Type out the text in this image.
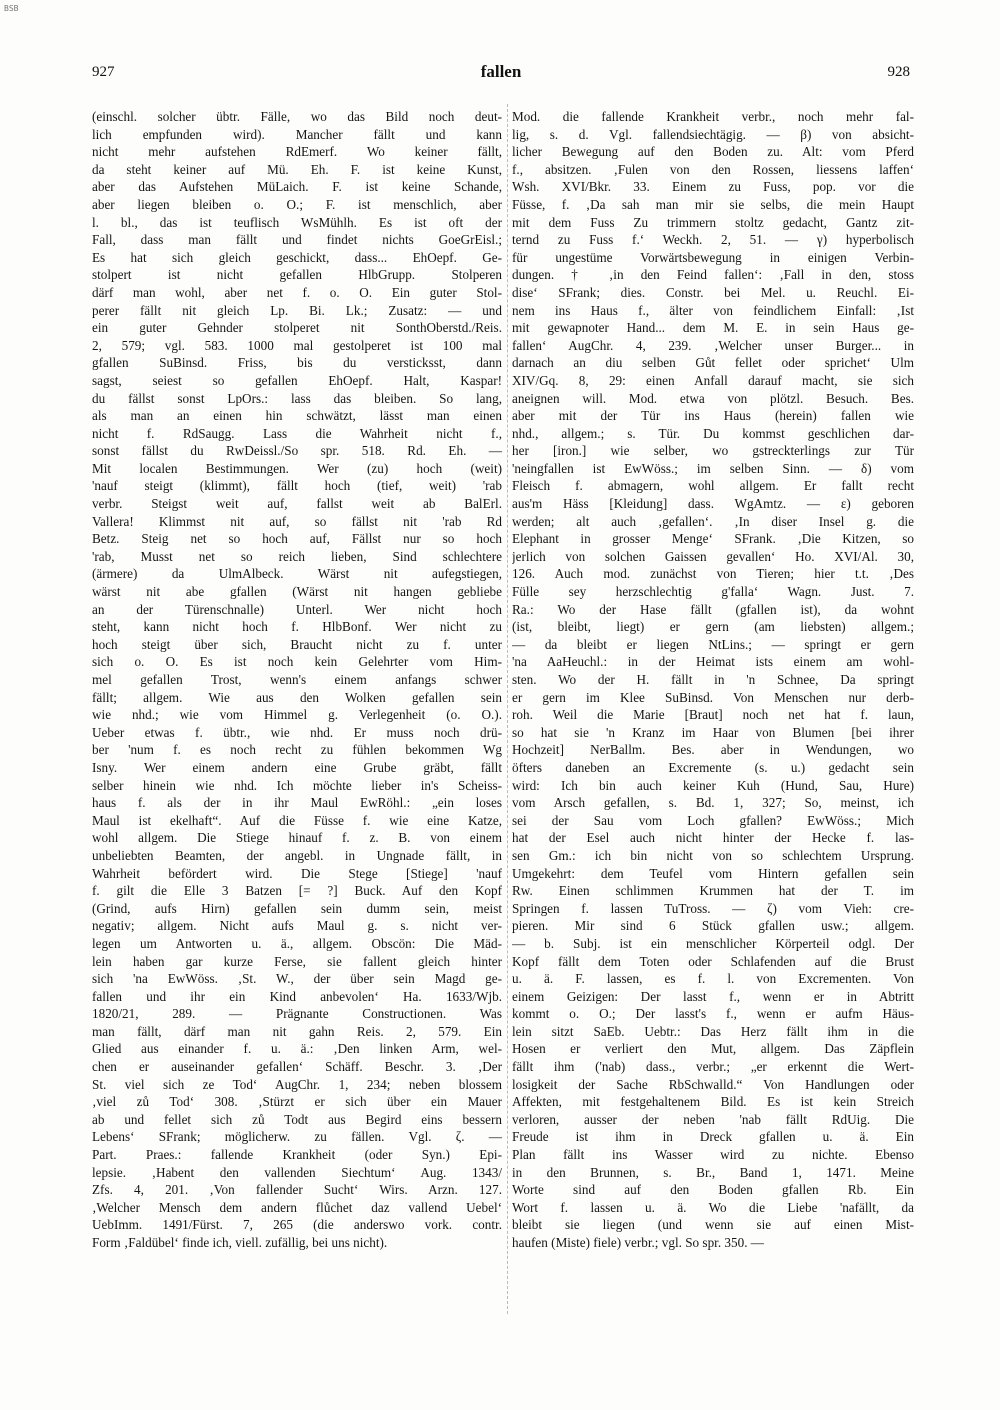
BSB
927	fallen	928
(einschl. solcher übtr. Fälle, wo das Bild noch deut-
lich empfunden wird). Mancher fällt und kann
nicht mehr aufstehen RdEmerf. Wo keiner fällt,
da steht keiner auf Mü. Eh. F. ist keine Kunst,
aber das Aufstehen MüLaich. F. ist keine Schande,
aber liegen bleiben o. O.; F. ist menschlich, aber
l. bl., das ist teuflisch WsMühlh. Es ist oft der
Fall, dass man fällt und findet nichts GoeGrEisl.;
Es hat sich gleich geschickt, dass... EhOepf. Ge-
stolpert ist nicht gefallen HlbGrupp. Stolperen
därf man wohl, aber net f. o. O. Ein guter Stol-
perer fällt nit gleich Lp. Bi. Lk.; Zusatz: — und
ein guter Gehnder stolperet nit SonthOberstd./Reis.
2, 579; vgl. 583. 1000 mal gestolperet ist 100 mal
gfallen SuBinsd. Friss, bis du versticksst, dann
sagst, seiest so gefallen EhOepf. Halt, Kaspar!
du fällst sonst LpOrs.: lass das bleiben. So lang,
als man an einen hin schwätzt, lässt man einen
nicht f. RdSaugg. Lass die Wahrheit nicht f.,
sonst fällst du RwDeissl./So spr. 518. Rd. Eh. —
Mit localen Bestimmungen. Wer (zu) hoch (weit)
'nauf steigt (klimmt), fällt hoch (tief, weit) 'rab
verbr. Steigst weit auf, fallst weit ab BalErl.
Vallera! Klimmst nit auf, so fällst nit 'rab Rd
Betz. Steig net so hoch auf, Fällst nur so hoch
'rab, Musst net so reich lieben, Sind schlechtere
(ärmere) da UlmAlbeck. Wärst nit aufegstiegen,
wärst nit abe gfallen (Wärst nit hangen gebliebe
an der Türenschnalle) Unterl. Wer nicht hoch
steht, kann nicht hoch f. HlbBonf. Wer nicht zu
hoch steigt über sich, Braucht nicht zu f. unter
sich o. O. Es ist noch kein Gelehrter vom Him-
mel gefallen Trost, wenn's einem anfangs schwer
fällt; allgem. Wie aus den Wolken gefallen sein
wie nhd.; wie vom Himmel g. Verlegenheit (o. O.).
Ueber etwas f. übtr., wie nhd. Er muss noch drü-
ber 'num f. es noch recht zu fühlen bekommen Wg
Isny. Wer einem andern eine Grube gräbt, fällt
selber hinein wie nhd. Ich möchte lieber in's Scheiss-
haus f. als der in ihr Maul EwRöhl.: „ein loses
Maul ist ekelhaft“. Auf die Füsse f. wie eine Katze,
wohl allgem. Die Stiege hinauf f. z. B. von einem
unbeliebten Beamten, der angebl. in Ungnade fällt, in
Wahrheit befördert wird. Die Stege [Stiege] 'nauf
f. gilt die Elle 3 Batzen [= ?] Buck. Auf den Kopf
(Grind, aufs Hirn) gefallen sein dumm sein, meist
negativ; allgem. Nicht aufs Maul g. s. nicht ver-
legen um Antworten u. ä., allgem. Obscön: Die Mäd-
lein haben gar kurze Ferse, sie fallent gleich hinter
sich 'na EwWöss. ‚St. W., der über sein Magd ge-
fallen und ihr ein Kind anbevolen‘ Ha. 1633/Wjb.
1820/21, 289. — Prägnante Constructionen. Was
man fällt, därf man nit gahn Reis. 2, 579. Ein
Glied aus einander f. u. ä.: ‚Den linken Arm, wel-
chen er auseinander gefallen‘ Schäff. Beschr. 3. ‚Der
St. viel sich ze Tod‘ AugChr. 1, 234; neben blossem
‚viel zů Tod‘ 308. ‚Stürzt er sich über ein Mauer
ab und fellet sich zů Todt aus Begird eins bessern
Lebens‘ SFrank; möglicherw. zu fällen. Vgl. ζ. —
Part. Praes.: fallende Krankheit (oder Syn.) Epi-
lepsie. ‚Habent den vallenden Siechtum‘ Aug. 1343/
Zfs. 4, 201. ‚Von fallender Sucht‘ Wirs. Arzn. 127.
‚Welcher Mensch dem andern flůchet daz vallend Uebel‘
UebImm. 1491/Fürst. 7, 265 (die anderswo vork. contr.
Form ‚Faldübel‘ finde ich, viell. zufällig, bei uns nicht).
Mod. die fallende Krankheit verbr., noch mehr fal-
lig, s. d. Vgl. fallendsiechtägig. — β) von absicht-
licher Bewegung auf den Boden zu. Alt: vom Pferd
f., absitzen. ‚Fulen von den Rossen, liessens laffen‘
Wsh. XVI/Bkr. 33. Einem zu Fuss, pop. vor die
Füsse, f. ‚Da sah man mir sie selbs, die mein Haupt
mit dem Fuss Zu trimmern stoltz gedacht, Gantz zit-
ternd zu Fuss f.‘ Weckh. 2, 51. — γ) hyperbolisch
für ungestüme Vorwärtsbewegung in einigen Verbin-
dungen. † ‚in den Feind fallen‘: ‚Fall in den, stoss
dise‘ SFrank; dies. Constr. bei Mel. u. Reuchl. Ei-
nem ins Haus f., älter von feindlichem Einfall: ‚Ist
mit gewapnoter Hand... dem M. E. in sein Haus ge-
fallen‘ AugChr. 4, 239. ‚Welcher unser Burger... in
darnach an diu selben Gůt fellet oder sprichet‘ Ulm
XIV/Gq. 8, 29: einen Anfall darauf macht, sie sich
aneignen will. Mod. etwa von plötzl. Besuch. Bes.
aber mit der Tür ins Haus (herein) fallen wie
nhd., allgem.; s. Tür. Du kommst geschlichen dar-
her [iron.] wie selber, wo gstreckterlings zur Tür
'neingfallen ist EwWöss.; im selben Sinn. — δ) vom
Fleisch f. abmagern, wohl allgem. Er fallt recht
aus'm Häss [Kleidung] dass. WgAmtz. — ε) geboren
werden; alt auch ‚gefallen‘. ‚In diser Insel g. die
Elephant in grosser Menge‘ SFrank. ‚Die Kitzen, so
jerlich von solchen Gaissen gevallen‘ Ho. XVI/Al. 30,
126. Auch mod. zunächst von Tieren; hier t.t. ‚Des
Fülle sey herzschlechtig g'falla‘ Wagn. Just. 7.
Ra.: Wo der Hase fällt (gfallen ist), da wohnt
(ist, bleibt, liegt) er gern (am liebsten) allgem.;
— da bleibt er liegen NtLins.; — springt er gern
'na AaHeuchl.: in der Heimat ists einem am wohl-
sten. Wo der H. fällt in 'n Schnee, Da springt
er gern im Klee SuBinsd. Von Menschen nur derb-
roh. Weil die Marie [Braut] noch net hat f. laun,
so hat sie 'n Kranz im Haar von Blumen [bei ihrer
Hochzeit] NerBallm. Bes. aber in Wendungen, wo
öfters daneben an Excremente (s. u.) gedacht sein
wird: Ich bin auch keiner Kuh (Hund, Sau, Hure)
vom Arsch gefallen, s. Bd. 1, 327; So, meinst, ich
sei der Sau vom Loch gfallen? EwWöss.; Mich
hat der Esel auch nicht hinter der Hecke f. las-
sen Gm.: ich bin nicht von so schlechtem Ursprung.
Umgekehrt: dem Teufel vom Hintern gefallen sein
Rw. Einen schlimmen Krummen hat der T. im
Springen f. lassen TuTross. — ζ) vom Vieh: cre-
pieren. Mir sind 6 Stück gfallen usw.; allgem.
— b. Subj. ist ein menschlicher Körperteil odgl. Der
Kopf fällt dem Toten oder Schlafenden auf die Brust
u. ä. F. lassen, es f. l. von Excrementen. Von
einem Geizigen: Der lasst f., wenn er in Abtritt
kommt o. O.; Der lasst's f., wenn er aufm Häus-
lein sitzt SaEb. Uebtr.: Das Herz fällt ihm in die
Hosen er verliert den Mut, allgem. Das Zäpflein
fällt ihm ('nab) dass., verbr.; „er erkennt die Wert-
losigkeit der Sache RbSchwalld.“ Von Handlungen oder
Affekten, mit festgehaltenem Bild. Es ist kein Streich
verloren, ausser der neben 'nab fällt RdUig. Die
Freude ist ihm in Dreck gfallen u. ä. Ein
Plan fällt ins Wasser wird zu nichte. Ebenso
in den Brunnen, s. Br., Band 1, 1471. Meine
Worte sind auf den Boden gfallen Rb. Ein
Wort f. lassen u. ä. Wo die Liebe 'nafällt, da
bleibt sie liegen (und wenn sie auf einen Mist-
haufen (Miste) fiele) verbr.; vgl. So spr. 350. —
